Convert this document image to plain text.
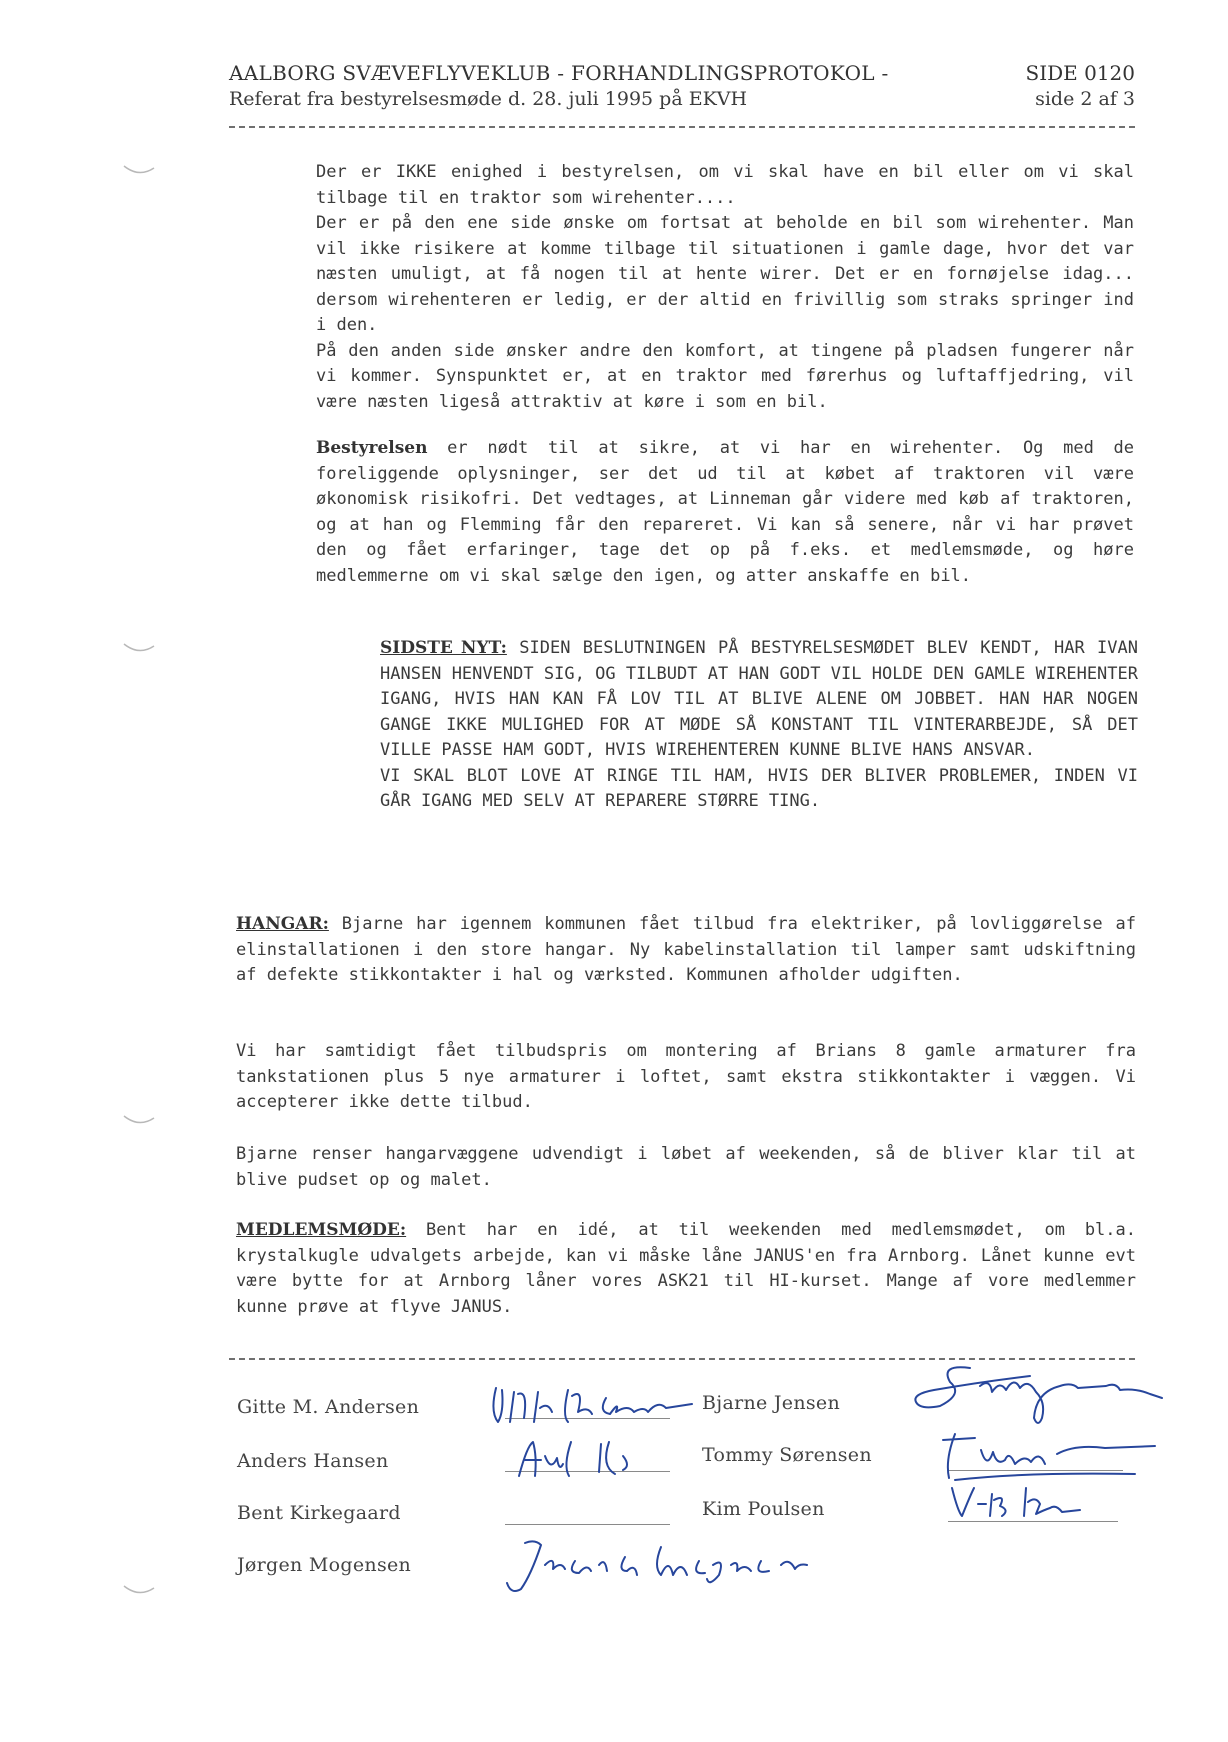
AALBORG SVÆVEFLYVEKLUB - FORHANDLINGSPROTOKOL -
Referat fra bestyrelsesmøde d. 28. juli 1995 på EKVH
SIDE 0120
side 2 af 3

Der er IKKE enighed i bestyrelsen, om vi skal have en bil eller om vi skal tilbage til en traktor som wirehenter....

Der er på den ene side ønske om fortsat at beholde en bil som wirehenter. Man vil ikke risikere at komme tilbage til situationen i gamle dage, hvor det var næsten umuligt, at få nogen til at hente wirer. Det er en fornøjelse idag... dersom wirehenteren er ledig, er der altid en frivillig som straks springer ind i den.

På den anden side ønsker andre den komfort, at tingene på pladsen fungerer når vi kommer. Synspunktet er, at en traktor med førerhus og luftaffjedring, vil være næsten ligeså attraktiv at køre i som en bil.

Bestyrelsen er nødt til at sikre, at vi har en wirehenter. Og med de foreliggende oplysninger, ser det ud til at købet af traktoren vil være økonomisk risikofri. Det vedtages, at Linneman går videre med køb af traktoren, og at han og Flemming får den repareret. Vi kan så senere, når vi har prøvet den og fået erfaringer, tage det op på f.eks. et medlemsmøde, og høre medlemmerne om vi skal sælge den igen, og atter anskaffe en bil.

SIDSTE NYT: SIDEN BESLUTNINGEN PÅ BESTYRELSESMØDET BLEV KENDT, HAR IVAN HANSEN HENVENDT SIG, OG TILBUDT AT HAN GODT VIL HOLDE DEN GAMLE WIREHENTER IGANG, HVIS HAN KAN FÅ LOV TIL AT BLIVE ALENE OM JOBBET. HAN HAR NOGEN GANGE IKKE MULIGHED FOR AT MØDE SÅ KONSTANT TIL VINTERARBEJDE, SÅ DET VILLE PASSE HAM GODT, HVIS WIREHENTEREN KUNNE BLIVE HANS ANSVAR.

VI SKAL BLOT LOVE AT RINGE TIL HAM, HVIS DER BLIVER PROBLEMER, INDEN VI GÅR IGANG MED SELV AT REPARERE STØRRE TING.

HANGAR: Bjarne har igennem kommunen fået tilbud fra elektriker, på lovliggørelse af elinstallationen i den store hangar. Ny kabelinstallation til lamper samt udskiftning af defekte stikkontakter i hal og værksted. Kommunen afholder udgiften.

Vi har samtidigt fået tilbudspris om montering af Brians 8 gamle armaturer fra tankstationen plus 5 nye armaturer i loftet, samt ekstra stikkontakter i væggen. Vi accepterer ikke dette tilbud.

Bjarne renser hangarvæggene udvendigt i løbet af weekenden, så de bliver klar til at blive pudset op og malet.

MEDLEMSMØDE: Bent har en idé, at til weekenden med medlemsmødet, om bl.a. krystalkugle udvalgets arbejde, kan vi måske låne JANUS'en fra Arnborg. Lånet kunne evt være bytte for at Arnborg låner vores ASK21 til HI-kurset. Mange af vore medlemmer kunne prøve at flyve JANUS.

Gitte M. Andersen
Anders Hansen
Bent Kirkegaard
Jørgen Mogensen
Bjarne Jensen
Tommy Sørensen
Kim Poulsen
